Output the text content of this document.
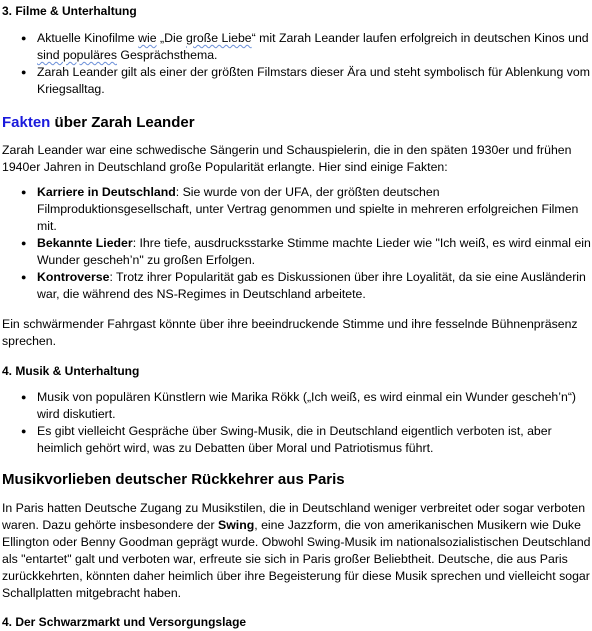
3. Filme & Unterhaltung
● Aktuelle Kinofilme wie „Die große Liebe“ mit Zarah Leander laufen erfolgreich in deutschen Kinos und sind populäres Gesprächsthema.
● Zarah Leander gilt als einer der größten Filmstars dieser Ära und steht symbolisch für Ablenkung vom Kriegsalltag.
Fakten über Zarah Leander

Zarah Leander war eine schwedische Sängerin und Schauspielerin, die in den späten 1930er und frühen 1940er Jahren in Deutschland große Popularität erlangte. Hier sind einige Fakten:

● Karriere in Deutschland: Sie wurde von der UFA, der größten deutschen Filmproduktionsgesellschaft, unter Vertrag genommen und spielte in mehreren erfolgreichen Filmen mit.
● Bekannte Lieder: Ihre tiefe, ausdrucksstarke Stimme machte Lieder wie "Ich weiß, es wird einmal ein Wunder gescheh’n" zu großen Erfolgen.
● Kontroverse: Trotz ihrer Popularität gab es Diskussionen über ihre Loyalität, da sie eine Ausländerin war, die während des NS-Regimes in Deutschland arbeitete.

Ein schwärmender Fahrgast könnte über ihre beeindruckende Stimme und ihre fesselnde Bühnenpräsenz sprechen.

4. Musik & Unterhaltung
● Musik von populären Künstlern wie Marika Rökk („Ich weiß, es wird einmal ein Wunder gescheh’n“) wird diskutiert.
● Es gibt vielleicht Gespräche über Swing-Musik, die in Deutschland eigentlich verboten ist, aber heimlich gehört wird, was zu Debatten über Moral und Patriotismus führt.
Musikvorlieben deutscher Rückkehrer aus Paris

In Paris hatten Deutsche Zugang zu Musikstilen, die in Deutschland weniger verbreitet oder sogar verboten waren. Dazu gehörte insbesondere der Swing, eine Jazzform, die von amerikanischen Musikern wie Duke Ellington oder Benny Goodman geprägt wurde. Obwohl Swing-Musik im nationalsozialistischen Deutschland als "entartet" galt und verboten war, erfreute sie sich in Paris großer Beliebtheit. Deutsche, die aus Paris zurückkehrten, könnten daher heimlich über ihre Begeisterung für diese Musik sprechen und vielleicht sogar Schallplatten mitgebracht haben.

4. Der Schwarzmarkt und Versorgungslage
